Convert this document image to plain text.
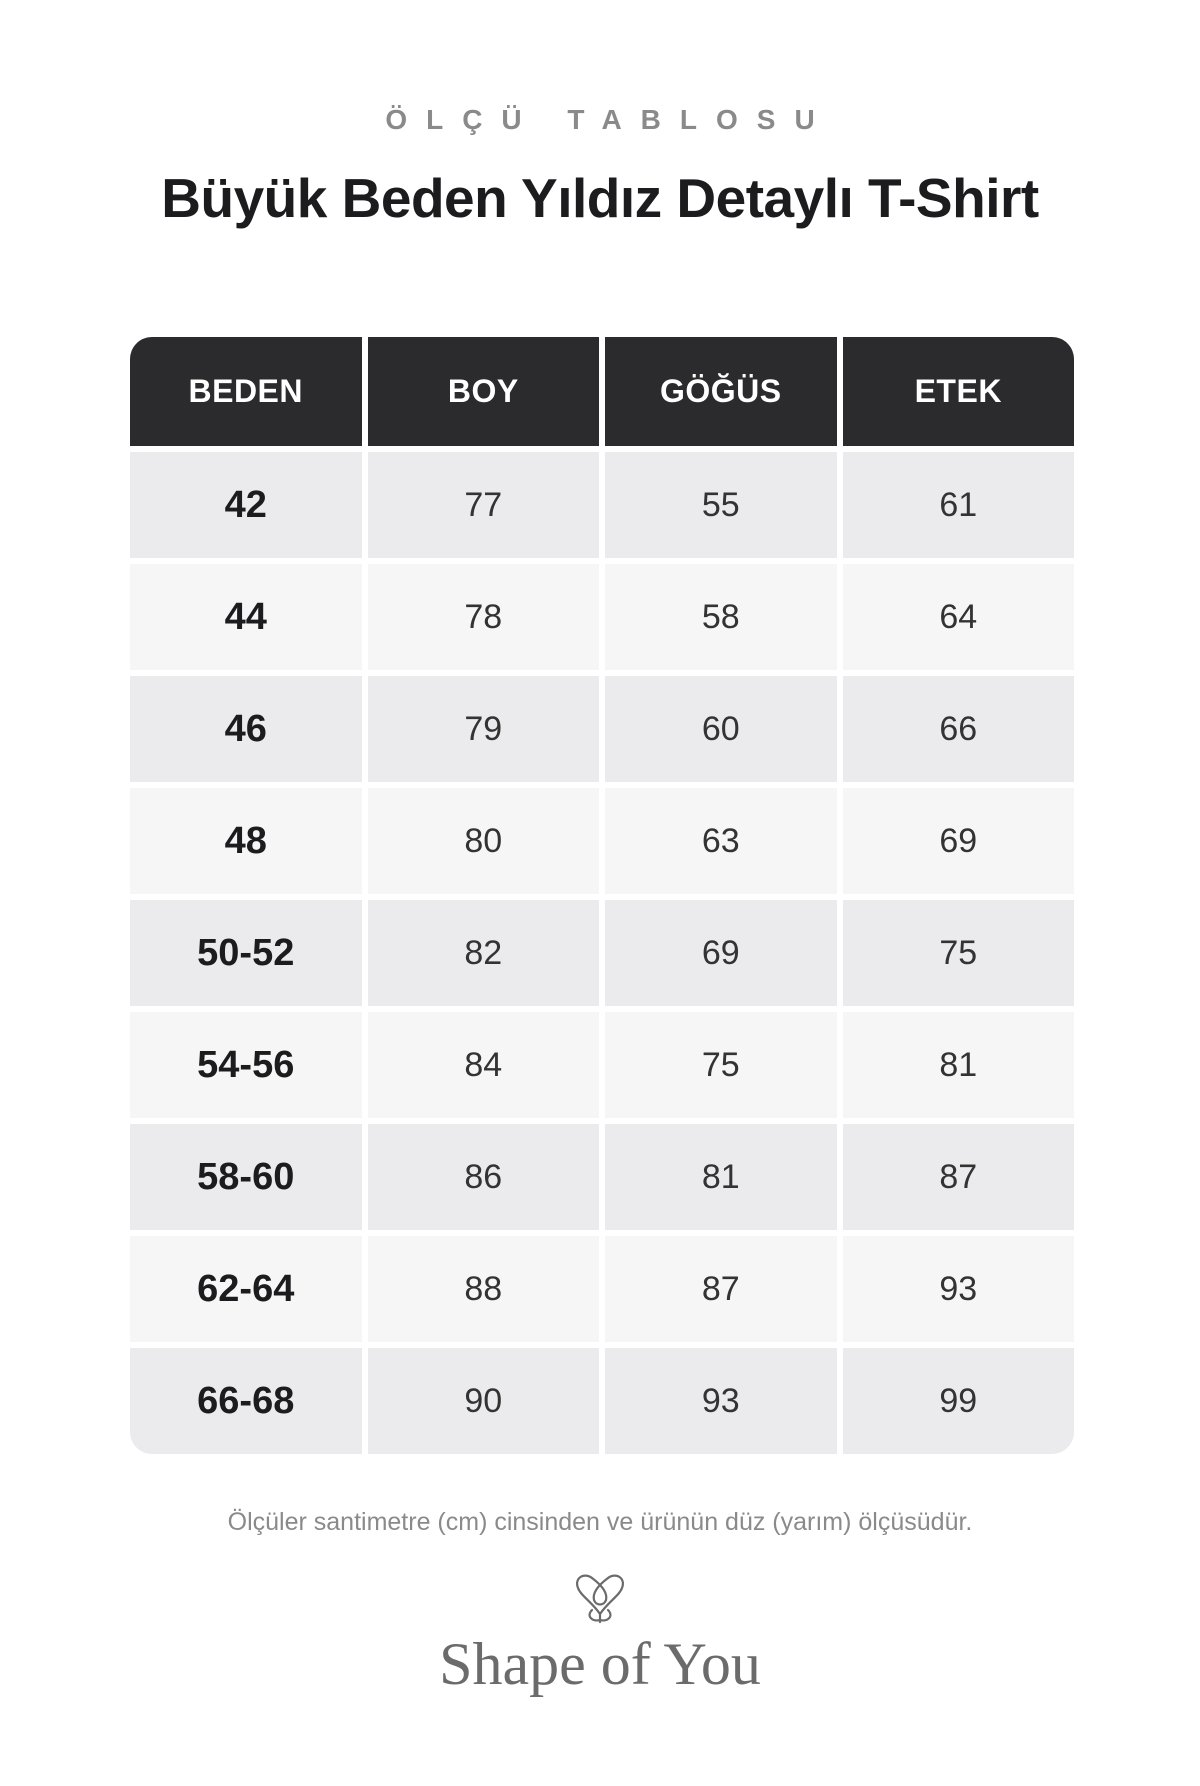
ÖLÇÜ TABLOSU
Büyük Beden Yıldız Detaylı T-Shirt
BEDEN	BOY	GÖĞÜS	ETEK
42	77	55	61
44	78	58	64
46	79	60	66
48	80	63	69
50-52	82	69	75
54-56	84	75	81
58-60	86	81	87
62-64	88	87	93
66-68	90	93	99
Ölçüler santimetre (cm) cinsinden ve ürünün düz (yarım) ölçüsüdür.
Shape of You
